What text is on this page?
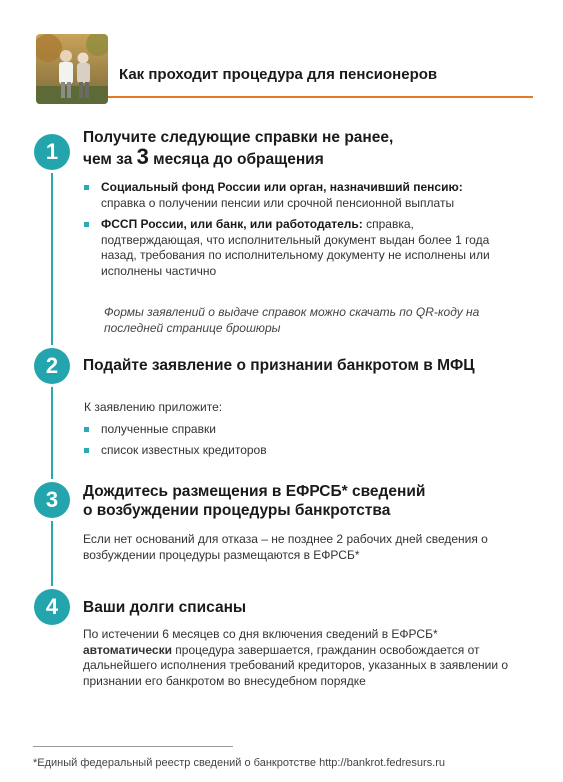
Как проходит процедура для пенсионеров
1
Получите следующие справки не ранее,
чем за 3 месяца до обращения
Социальный фонд России или орган, назначивший пенсию: справка о получении пенсии или срочной пенсионной выплаты
ФССП России, или банк, или работодатель: справка, подтверждающая, что исполнительный документ выдан более 1 года назад, требования по исполнительному документу не исполнены или исполнены частично
Формы заявлений о выдаче справок можно скачать по QR-коду на последней странице брошюры
2	Подайте заявление о признании банкротом в МФЦ
К заявлению приложите:
полученные справки
список известных кредиторов
3	Дождитесь размещения в ЕФРСБ* сведений
о возбуждении процедуры банкротства
Если нет оснований для отказа – не позднее 2 рабочих дней сведения о возбуждении процедуры размещаются в ЕФРСБ*
4	Ваши долги списаны
По истечении 6 месяцев со дня включения сведений в ЕФРСБ*
автоматически процедура завершается, гражданин освобождается от дальнейшего исполнения требований кредиторов, указанных в заявлении о признании его банкротом во внесудебном порядке
*Единый федеральный реестр сведений о банкротстве http://bankrot.fedresurs.ru
